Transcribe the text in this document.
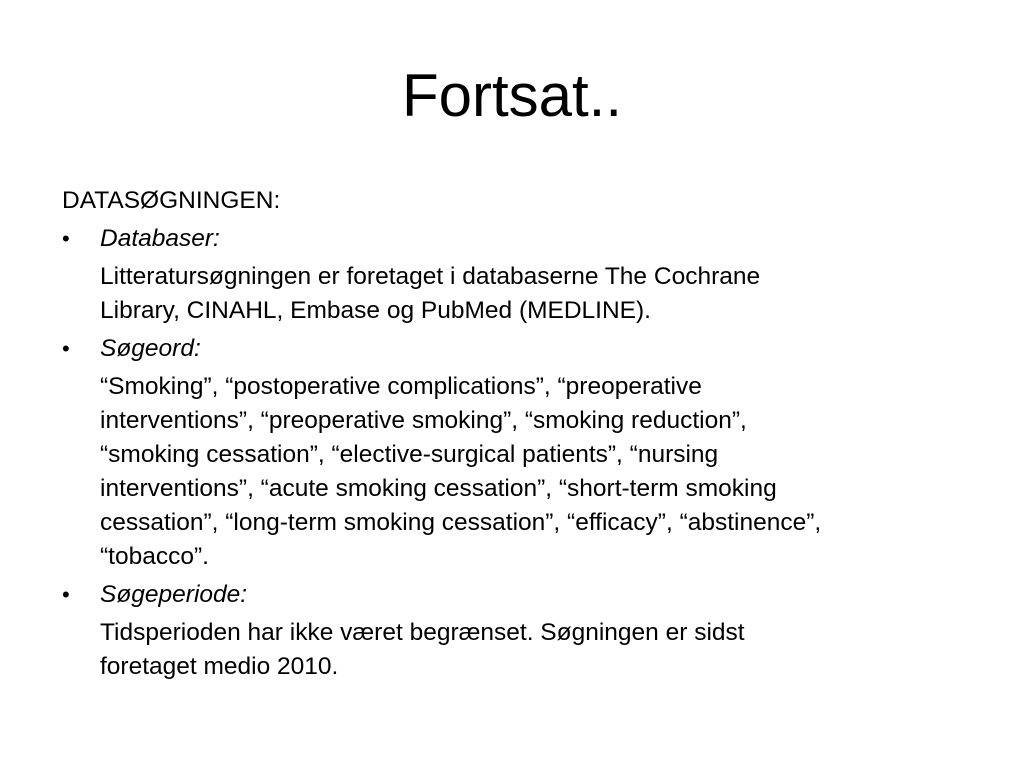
Fortsat..
DATASØGNINGEN:
•	Databaser:
Litteratursøgningen er foretaget i databaserne The Cochrane
Library, CINAHL, Embase og PubMed (MEDLINE).
•	Søgeord:
“Smoking”, “postoperative complications”, “preoperative
interventions”, “preoperative smoking”, “smoking reduction”,
“smoking cessation”, “elective-surgical patients”, “nursing
interventions”, “acute smoking cessation”, “short-term smoking
cessation”, “long-term smoking cessation”, “efficacy”, “abstinence”,
“tobacco”.
•	Søgeperiode:
Tidsperioden har ikke været begrænset. Søgningen er sidst
foretaget medio 2010.
